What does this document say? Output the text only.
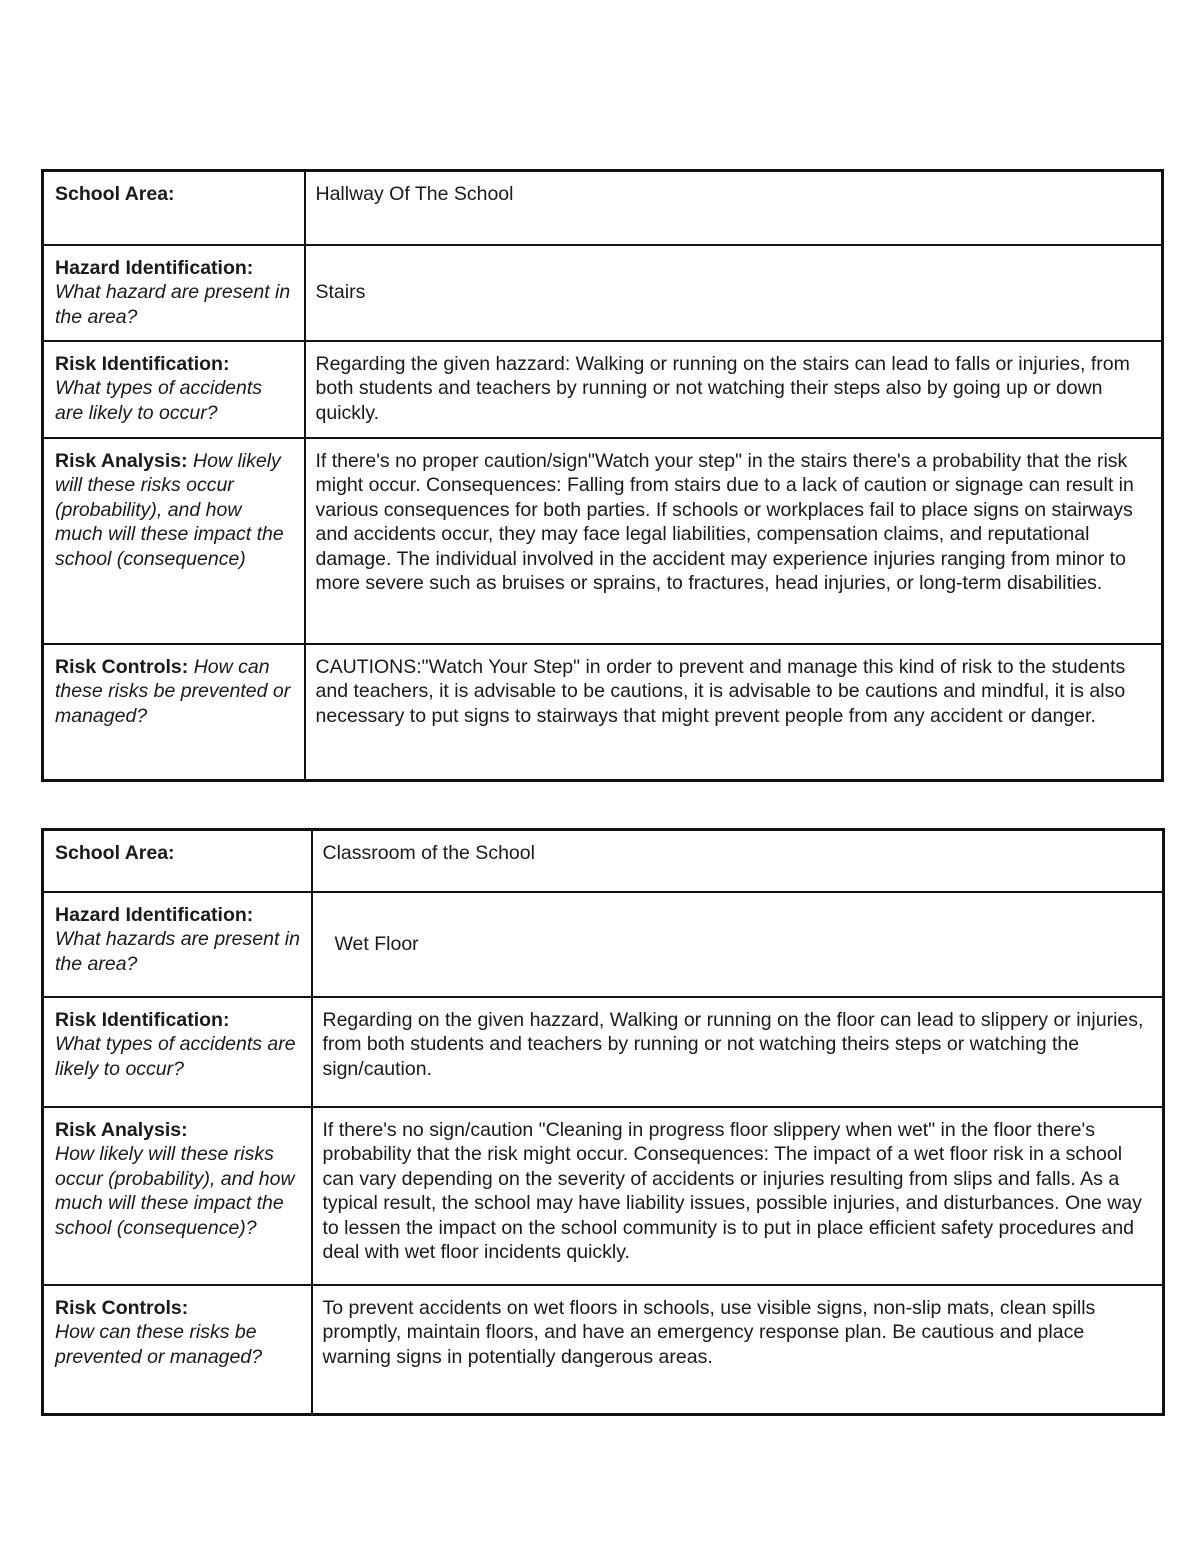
School Area:	Hallway Of The School

Hazard Identification:
What hazard are present in the area?	Stairs

Risk Identification:
What types of accidents are likely to occur?	Regarding the given hazzard: Walking or running on the stairs can lead to falls or injuries, from both students and teachers by running or not watching their steps also by going up or down quickly.
Risk Analysis: How likely will these risks occur (probability), and how much will these impact the school (consequence)	If there's no proper caution/sign"Watch your step" in the stairs there's a probability that the risk might occur. Consequences: Falling from stairs due to a lack of caution or signage can result in various consequences for both parties. If schools or workplaces fail to place signs on stairways and accidents occur, they may face legal liabilities, compensation claims, and reputational damage. The individual involved in the accident may experience injuries ranging from minor to more severe such as bruises or sprains, to fractures, head injuries, or long-term disabilities.
Risk Controls: How can these risks be prevented or managed?	CAUTIONS:"Watch Your Step" in order to prevent and manage this kind of risk to the students and teachers, it is advisable to be cautions, it is advisable to be cautions and mindful, it is also necessary to put signs to stairways that might prevent people from any accident or danger.
School Area:	Classroom of the School

Hazard Identification:
What hazards are present in the area?	Wet Floor

Risk Identification:
What types of accidents are likely to occur?	Regarding on the given hazzard, Walking or running on the floor can lead to slippery or injuries, from both students and teachers by running or not watching theirs steps or watching the sign/caution.

Risk Analysis:
How likely will these risks occur (probability), and how much will these impact the school (consequence)?	If there's no sign/caution "Cleaning in progress floor slippery when wet" in the floor there's probability that the risk might occur. Consequences: The impact of a wet floor risk in a school can vary depending on the severity of accidents or injuries resulting from slips and falls. As a typical result, the school may have liability issues, possible injuries, and disturbances. One way to lessen the impact on the school community is to put in place efficient safety procedures and deal with wet floor incidents quickly.

Risk Controls:
How can these risks be prevented or managed?	To prevent accidents on wet floors in schools, use visible signs, non-slip mats, clean spills promptly, maintain floors, and have an emergency response plan. Be cautious and place warning signs in potentially dangerous areas.
